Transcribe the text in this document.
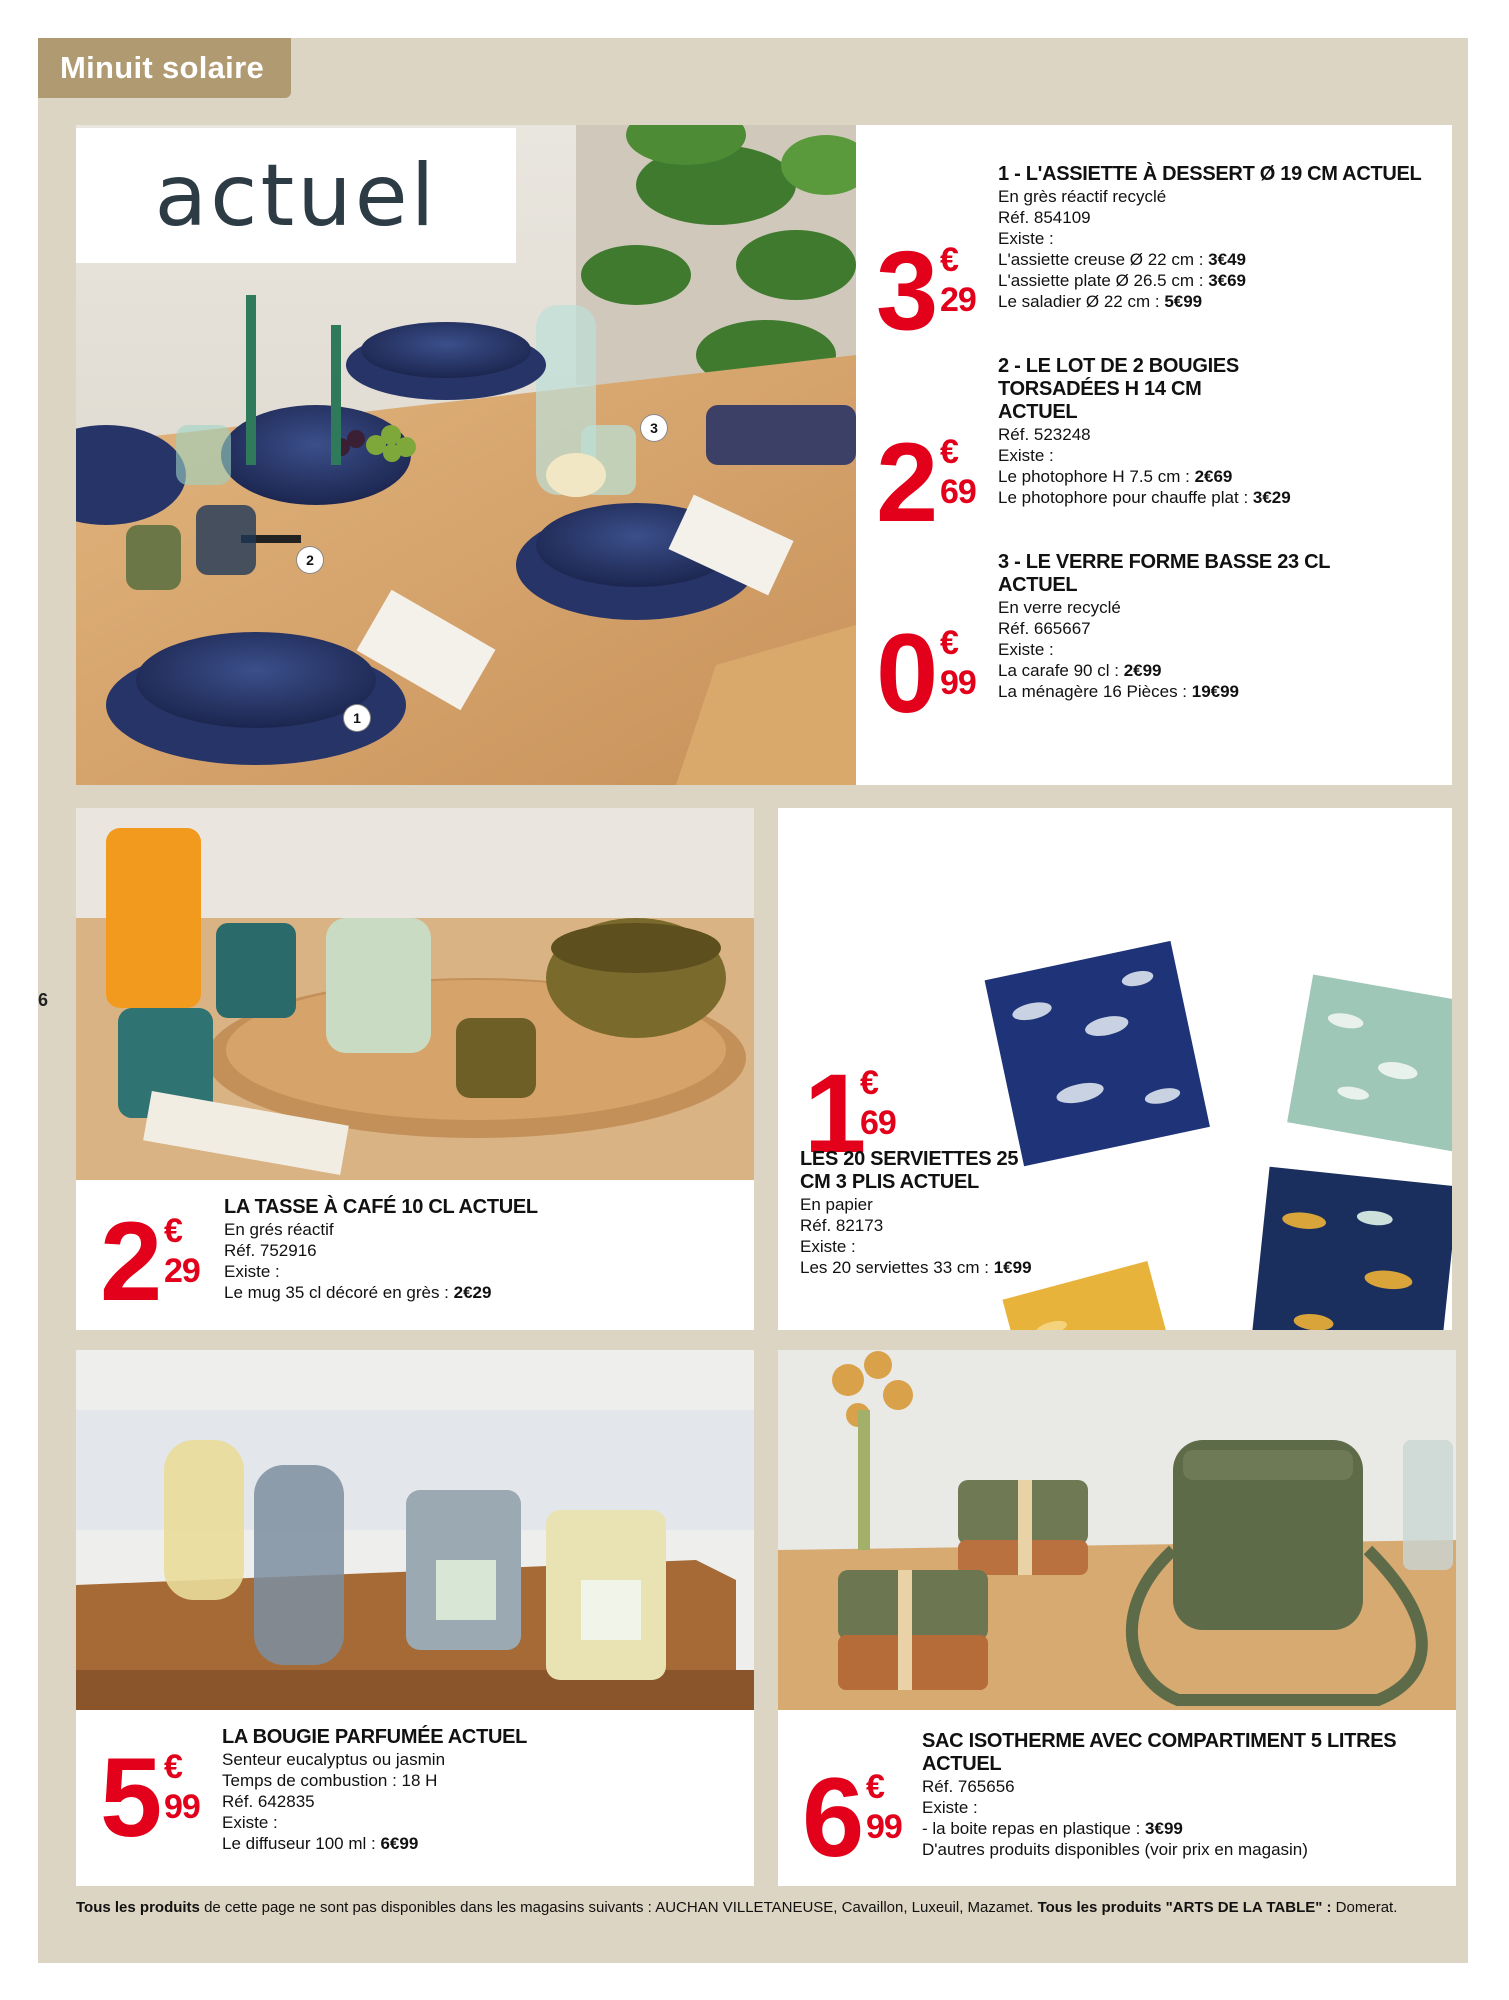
Minuit solaire
6
1
2
3
3 €
29
1 - L'ASSIETTE À DESSERT Ø 19 CM ACTUEL
En grès réactif recyclé
Réf. 854109
Existe :
L'assiette creuse Ø 22 cm : 3€49
L'assiette plate Ø 26.5 cm : 3€69
Le saladier Ø 22 cm : 5€99
2 €
69
2 - LE LOT DE 2 BOUGIES TORSADÉES H 14 CM ACTUEL
Réf. 523248
Existe :
Le photophore H 7.5 cm : 2€69
Le photophore pour chauffe plat : 3€29
0 €
99
3 - LE VERRE FORME BASSE 23 CL ACTUEL
En verre recyclé
Réf. 665667
Existe :
La carafe 90 cl : 2€99
La ménagère 16 Pièces : 19€99
actuel
2 €
29
LA TASSE À CAFÉ 10 CL ACTUEL
En grés réactif
Réf. 752916
Existe :
Le mug 35 cl décoré en grès : 2€29
1
€
69
LES 20 SERVIETTES 25 CM 3 PLIS ACTUEL
En papier
Réf. 82173
Existe :
Les 20 serviettes 33 cm : 1€99
5 €
99
LA BOUGIE PARFUMÉE ACTUEL
Senteur eucalyptus ou jasmin
Temps de combustion : 18 H
Réf. 642835
Existe :
Le diffuseur 100 ml : 6€99	6 €
99
SAC ISOTHERME AVEC COMPARTIMENT 5 LITRES ACTUEL
Réf. 765656
Existe :
- la boite repas en plastique : 3€99
D'autres produits disponibles (voir prix en magasin)
Tous les produits de cette page ne sont pas disponibles dans les magasins suivants : AUCHAN VILLETANEUSE, Cavaillon, Luxeuil, Mazamet. Tous les produits "ARTS DE LA TABLE" : Domerat.
